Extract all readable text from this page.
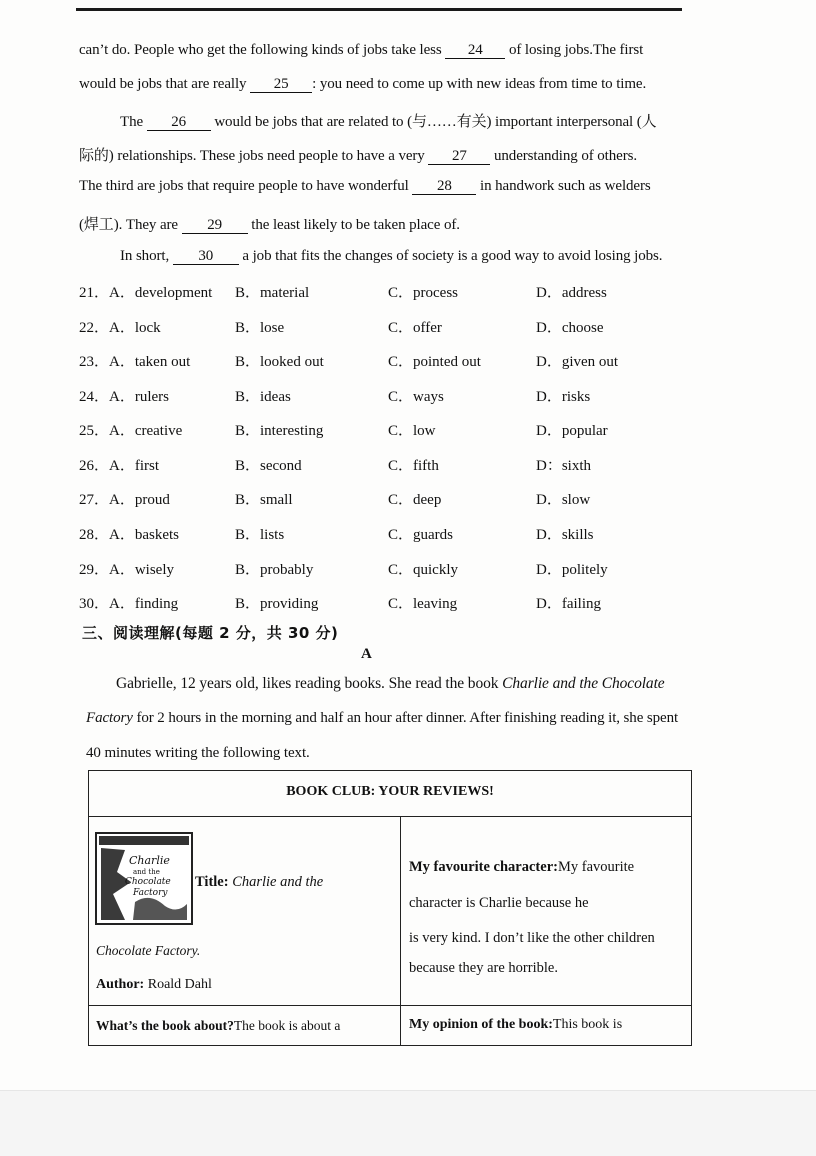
can’t do. People who get the following kinds of jobs take less 24 of losing jobs.The first
would be jobs that are really 25 : you need to come up with new ideas from time to time.
The 26 would be jobs that are related to (与……有关) important interpersonal (人
际的) relationships. These jobs need people to have a very 27 understanding of others.
The third are jobs that require people to have wonderful 28 in handwork such as welders
(焊工). They are 29 the least likely to be taken place of.
In short, 30 a job that fits the changes of society is a good way to avoid losing jobs.
21． A．development B．material	C．process	D．address
22． A．lock	B．lose	C．offer	D．choose
23． A．taken out	B．looked out	C．pointed out	D．given out
24． A．rulers	B．ideas	C．ways	D．risks
25． A．creative	B．interesting	C．low	D．popular
26． A．first	B．second	C．fifth	D：sixth
27． A．proud	B．small	C．deep	D．slow
28． A．baskets	B．lists	C．guards	D．skills
29． A．wisely	B．probably	C．quickly	D．politely
30． A．finding	B．providing	C．leaving	D．failing
三、阅读理解(每题 2 分，共 30 分)
A
Gabrielle, 12 years old, likes reading books. She read the book Charlie and the Chocolate
Factory for 2 hours in the morning and half an hour after dinner. After finishing reading it, she spent
40 minutes writing the following text.
BOOK CLUB: YOUR REVIEWS!
Charlie
and the
Chocolate
Factory
Title: Charlie and the
Chocolate Factory.
Author: Roald Dahl
My favourite character:My favourite
character is Charlie because he
is very kind. I don’t like the other children
because they are horrible.
What’s the book about?The book is about a	My opinion of the book:This book is
